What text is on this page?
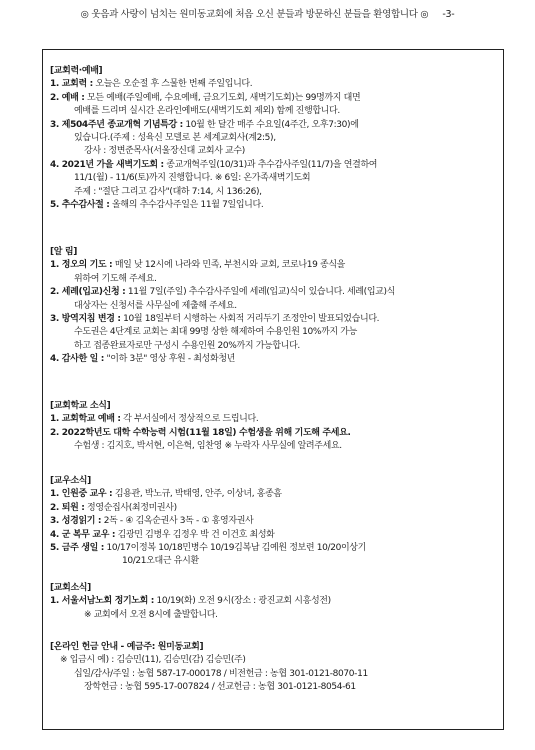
◎ 웃음과 사랑이 넘치는 원미동교회에 처음 오신 분들과 방문하신 분들을 환영합니다 ◎ -3-
[교회력·예배]
1. 교회력 : 오늘은 오순절 후 스물한 번째 주일입니다.
2. 예배 : 모든 예배(주일예배, 수요예배, 금요기도회, 새벽기도회)는 99명까지 대면
예배를 드리며 실시간 온라인예배도(새벽기도회 제외) 함께 진행합니다.
3. 제504주년 종교개혁 기념특강 : 10월 한 달간 매주 수요일(4주간, 오후7:30)에
있습니다.(주제 : 성육신 모델로 본 세계교회사(계2:5),
강사 : 정변준목사(서울장신대 교회사 교수)
4. 2021년 가을 새벽기도회 : 종교개혁주일(10/31)과 추수감사주일(11/7)을 연결하여
11/1(월) - 11/6(토)까지 진행합니다. ※ 6일: 온가족새벽기도회
주제 : "절단 그리고 감사"(대하 7:14, 시 136:26),
5. 추수감사절 : 올해의 추수감사주일은 11월 7일입니다.
[알 림]
1. 정오의 기도 : 매일 낮 12시에 나라와 민족, 부천시와 교회, 코로나19 종식을
위하여 기도해 주세요.
2. 세례(입교)신청 : 11월 7일(주일) 추수감사주일에 세례(입교)식이 있습니다. 세례(입교)식
대상자는 신청서를 사무실에 제출해 주세요.
3. 방역지침 변경 : 10월 18일부터 시행하는 사회적 거리두기 조정안이 발표되었습니다.
수도권은 4단계로 교회는 최대 99명 상한 해제하여 수용인원 10%까지 가능
하고 접종완료자로만 구성시 수용인원 20%까지 가능합니다.
4. 감사한 일 : "이하 3분" 영상 후원 - 최성화청년
[교회학교 소식]
1. 교회학교 예배 : 각 부서실에서 정상적으로 드립니다.
2. 2022학년도 대학 수학능력 시험(11월 18일) 수험생을 위해 기도해 주세요.
수험생 : 김지호, 박서현, 이은혁, 임찬영 ※ 누락자 사무실에 알려주세요.
[교우소식]
1. 인원중 교우 : 김용관, 박노규, 박태영, 안주, 이상녀, 홍종흠
2. 퇴원 : 정영순집사(최정미권사)
3. 성경읽기 : 2독 - ④ 김옥순권사 3독 - ① 홍영자권사
4. 군 복무 교우 : 김광민 김병우 김정우 박 건 이건호 최성화
5. 금주 생일 : 10/17이정복 10/18민병수 10/19김복남 김예원 정보련 10/20이상기
10/21오대근 유시환
[교회소식]
1. 서울서남노회 정기노회 : 10/19(화) 오전 9시(장소 : 광진교회 시흥성전)
※ 교회에서 오전 8시에 출발합니다.
[온라인 헌금 안내 - 예금주: 원미동교회]
※ 입금시 예) : 김승민(11), 김승민(감) 김승민(주)
십일/감사/주일 : 농협 587-17-000178 / 비전헌금 : 농협 301-0121-8070-11
장학헌금 : 농협 595-17-007824 / 선교헌금 : 농협 301-0121-8054-61
